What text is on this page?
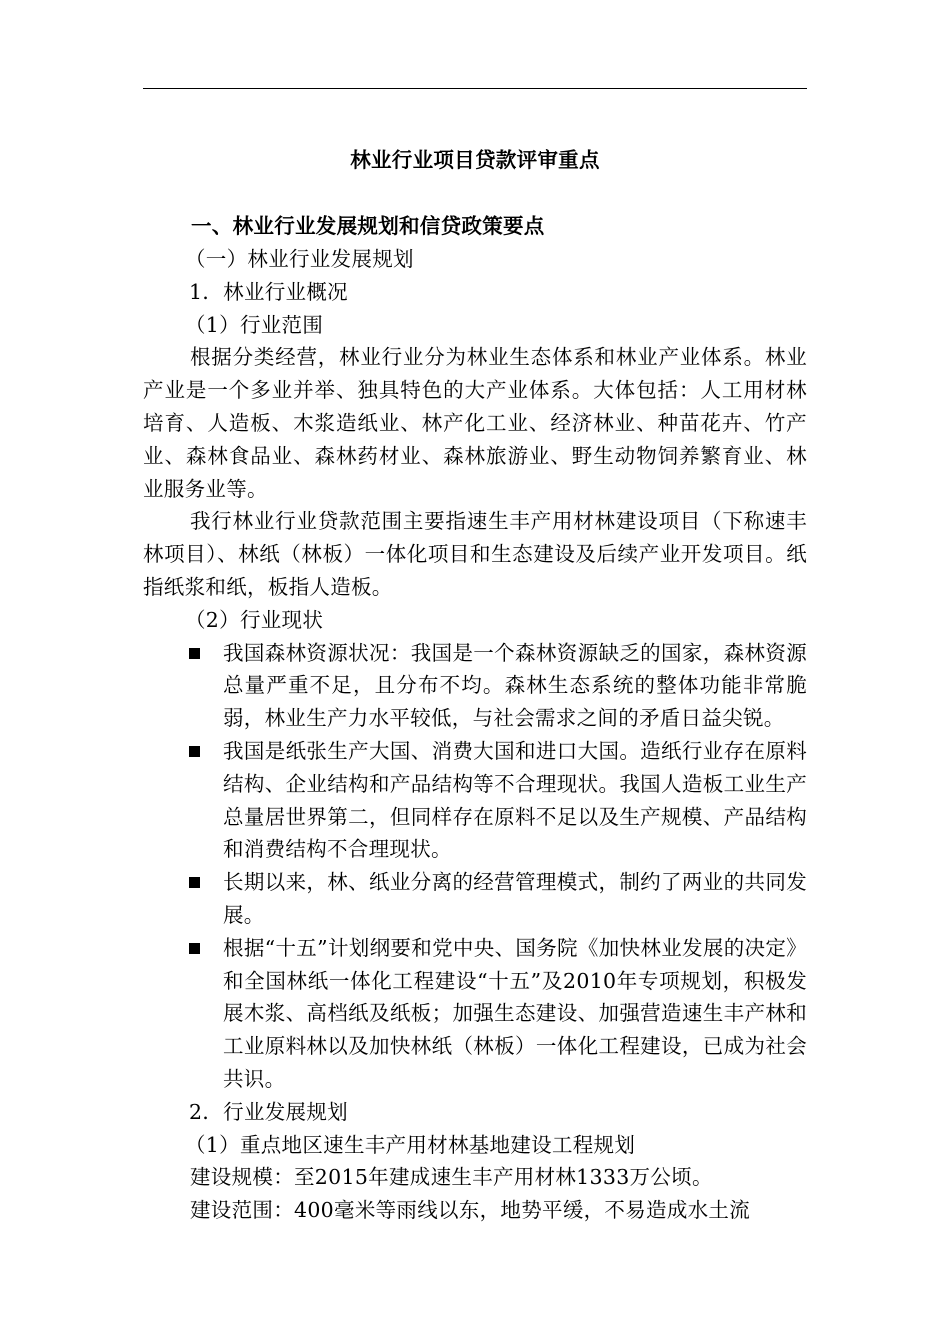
林业行业项目贷款评审重点
一、林业行业发展规划和信贷政策要点
（一）林业行业发展规划
1．林业行业概况
（1）行业范围

根据分类经营，林业行业分为林业生态体系和林业产业体系。林业产业是一个多业并举、独具特色的大产业体系。大体包括：人工用材林培育、人造板、木浆造纸业、林产化工业、经济林业、种苗花卉、竹产业、森林食品业、森林药材业、森林旅游业、野生动物饲养繁育业、林业服务业等。

我行林业行业贷款范围主要指速生丰产用材林建设项目（下称速丰林项目）、林纸（林板）一体化项目和生态建设及后续产业开发项目。纸指纸浆和纸，板指人造板。

（2）行业现状
我国森林资源状况：我国是一个森林资源缺乏的国家，森林资源总量严重不足，且分布不均。森林生态系统的整体功能非常脆弱，林业生产力水平较低，与社会需求之间的矛盾日益尖锐。
我国是纸张生产大国、消费大国和进口大国。造纸行业存在原料结构、企业结构和产品结构等不合理现状。我国人造板工业生产总量居世界第二，但同样存在原料不足以及生产规模、产品结构和消费结构不合理现状。
长期以来，林、纸业分离的经营管理模式，制约了两业的共同发展。
根据“十五”计划纲要和党中央、国务院《加快林业发展的决定》和全国林纸一体化工程建设“十五”及2010年专项规划，积极发展木浆、高档纸及纸板；加强生态建设、加强营造速生丰产林和工业原料林以及加快林纸（林板）一体化工程建设，已成为社会共识。
2．行业发展规划
（1）重点地区速生丰产用材林基地建设工程规划
建设规模：至2015年建成速生丰产用材林1333万公顷。
建设范围：400毫米等雨线以东，地势平缓，不易造成水土流
